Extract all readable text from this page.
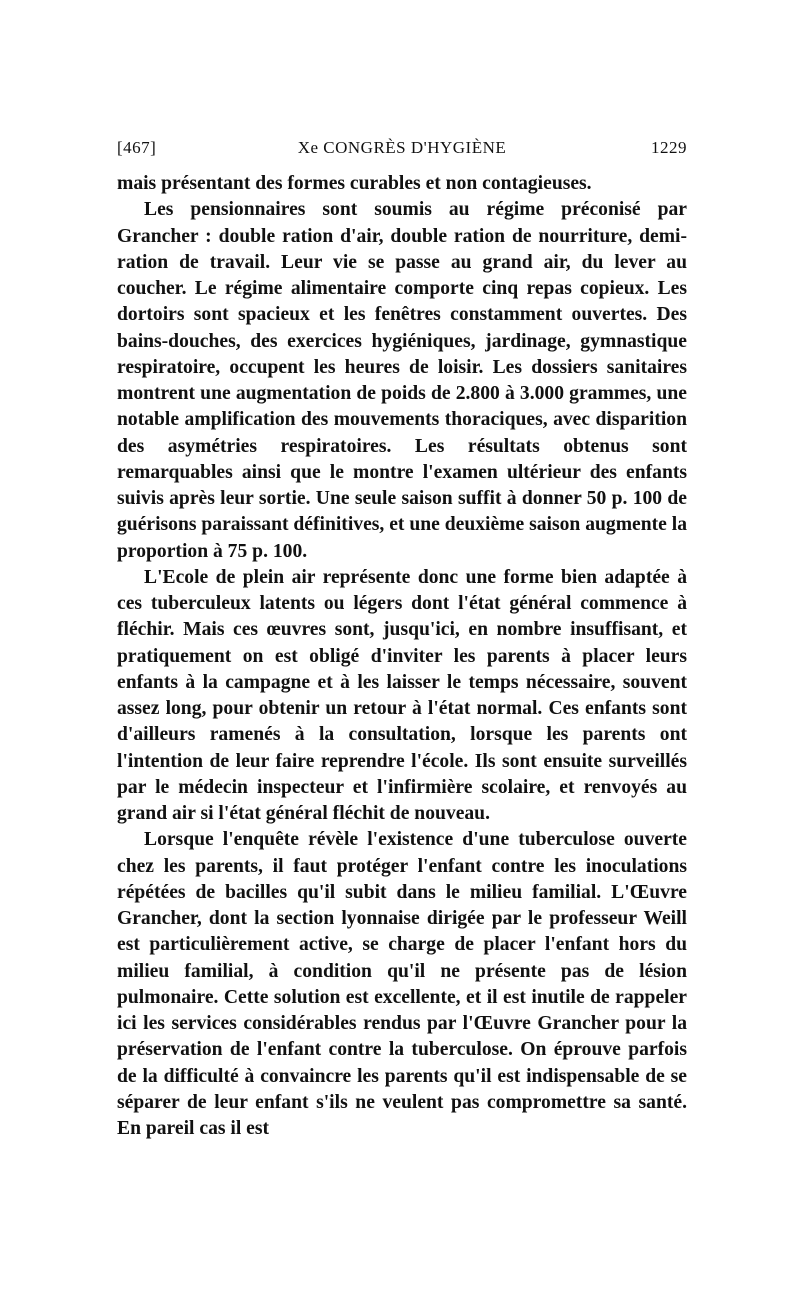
Xe CONGRÈS D'HYGIÈNE
[467]	1229

mais présentant des formes curables et non contagieuses.

Les pensionnaires sont soumis au régime préconisé par Grancher : double ration d'air, double ration de nourriture, demi-ration de travail. Leur vie se passe au grand air, du lever au coucher. Le régime alimentaire comporte cinq repas copieux. Les dortoirs sont spacieux et les fenêtres constamment ouvertes. Des bains-douches, des exercices hygiéniques, jardinage, gymnastique respiratoire, occupent les heures de loisir. Les dossiers sanitaires montrent une augmentation de poids de 2.800 à 3.000 grammes, une notable amplification des mouvements thoraciques, avec disparition des asymétries respiratoires. Les résultats obtenus sont remarquables ainsi que le montre l'examen ultérieur des enfants suivis après leur sortie. Une seule saison suffit à donner 50 p. 100 de guérisons paraissant définitives, et une deuxième saison augmente la proportion à 75 p. 100.

L'Ecole de plein air représente donc une forme bien adaptée à ces tuberculeux latents ou légers dont l'état général commence à fléchir. Mais ces œuvres sont, jusqu'ici, en nombre insuffisant, et pratiquement on est obligé d'inviter les parents à placer leurs enfants à la campagne et à les laisser le temps nécessaire, souvent assez long, pour obtenir un retour à l'état normal. Ces enfants sont d'ailleurs ramenés à la consultation, lorsque les parents ont l'intention de leur faire reprendre l'école. Ils sont ensuite surveillés par le médecin inspecteur et l'infirmière scolaire, et renvoyés au grand air si l'état général fléchit de nouveau.

Lorsque l'enquête révèle l'existence d'une tuberculose ouverte chez les parents, il faut protéger l'enfant contre les inoculations répétées de bacilles qu'il subit dans le milieu familial. L'Œuvre Grancher, dont la section lyonnaise dirigée par le professeur Weill est particulièrement active, se charge de placer l'enfant hors du milieu familial, à condition qu'il ne présente pas de lésion pulmonaire. Cette solution est excellente, et il est inutile de rappeler ici les services considérables rendus par l'Œuvre Grancher pour la préservation de l'enfant contre la tuberculose. On éprouve parfois de la difficulté à convaincre les parents qu'il est indispensable de se séparer de leur enfant s'ils ne veulent pas compromettre sa santé. En pareil cas il est
